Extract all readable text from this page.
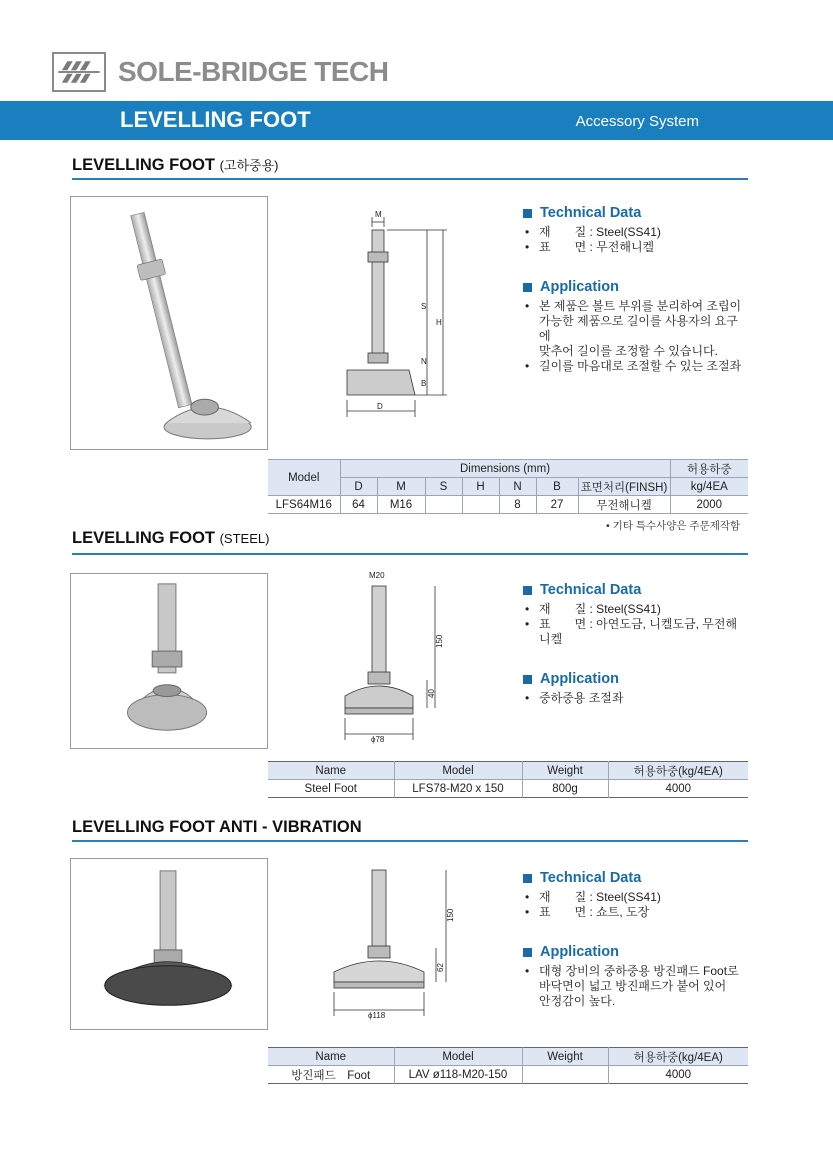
SOLE-BRIDGE TECH
LEVELLING FOOT	Accessory System
LEVELLING FOOT (고하중용)
M
S
H
N
B
D
Technical Data
• 재　　질 : Steel(SS41)
• 표　　면 : 무전해니켈
Application
• 본 제품은 볼트 부위를 분리하여 조립이
가능한 제품으로 길이를 사용자의 요구에
맞추어 길이를 조정할 수 있습니다.
• 길이를 마음대로 조절할 수 있는 조절좌
Model	Dimensions (mm)							허용하중
	D	M	S	H	N	B	표면처리(FINSH)	kg/4EA
LFS64M16	64	M16			8	27	무전해니켈	2000
• 기타 특수사양은 주문제작함
LEVELLING FOOT (STEEL)
M20
150
40
ϕ78
Technical Data
• 재　　질 : Steel(SS41)
• 표　　면 : 아연도금, 니켈도금, 무전해니켈
Application
• 중하중용 조절좌
Name	Model	Weight	허용하중(kg/4EA)
Steel Foot	LFS78-M20 x 150	800g	4000
LEVELLING FOOT ANTI - VIBRATION
150
62
ϕ118
Technical Data
• 재　　질 : Steel(SS41)
• 표　　면 : 쇼트, 도장
Application
• 대형 장비의 중하중용 방진패드 Foot로
바닥면이 넓고 방진패드가 붙어 있어
안정감이 높다.
Name	Model	Weight	허용하중(kg/4EA)
방진패드　Foot	LAV ø118-M20-150		4000
